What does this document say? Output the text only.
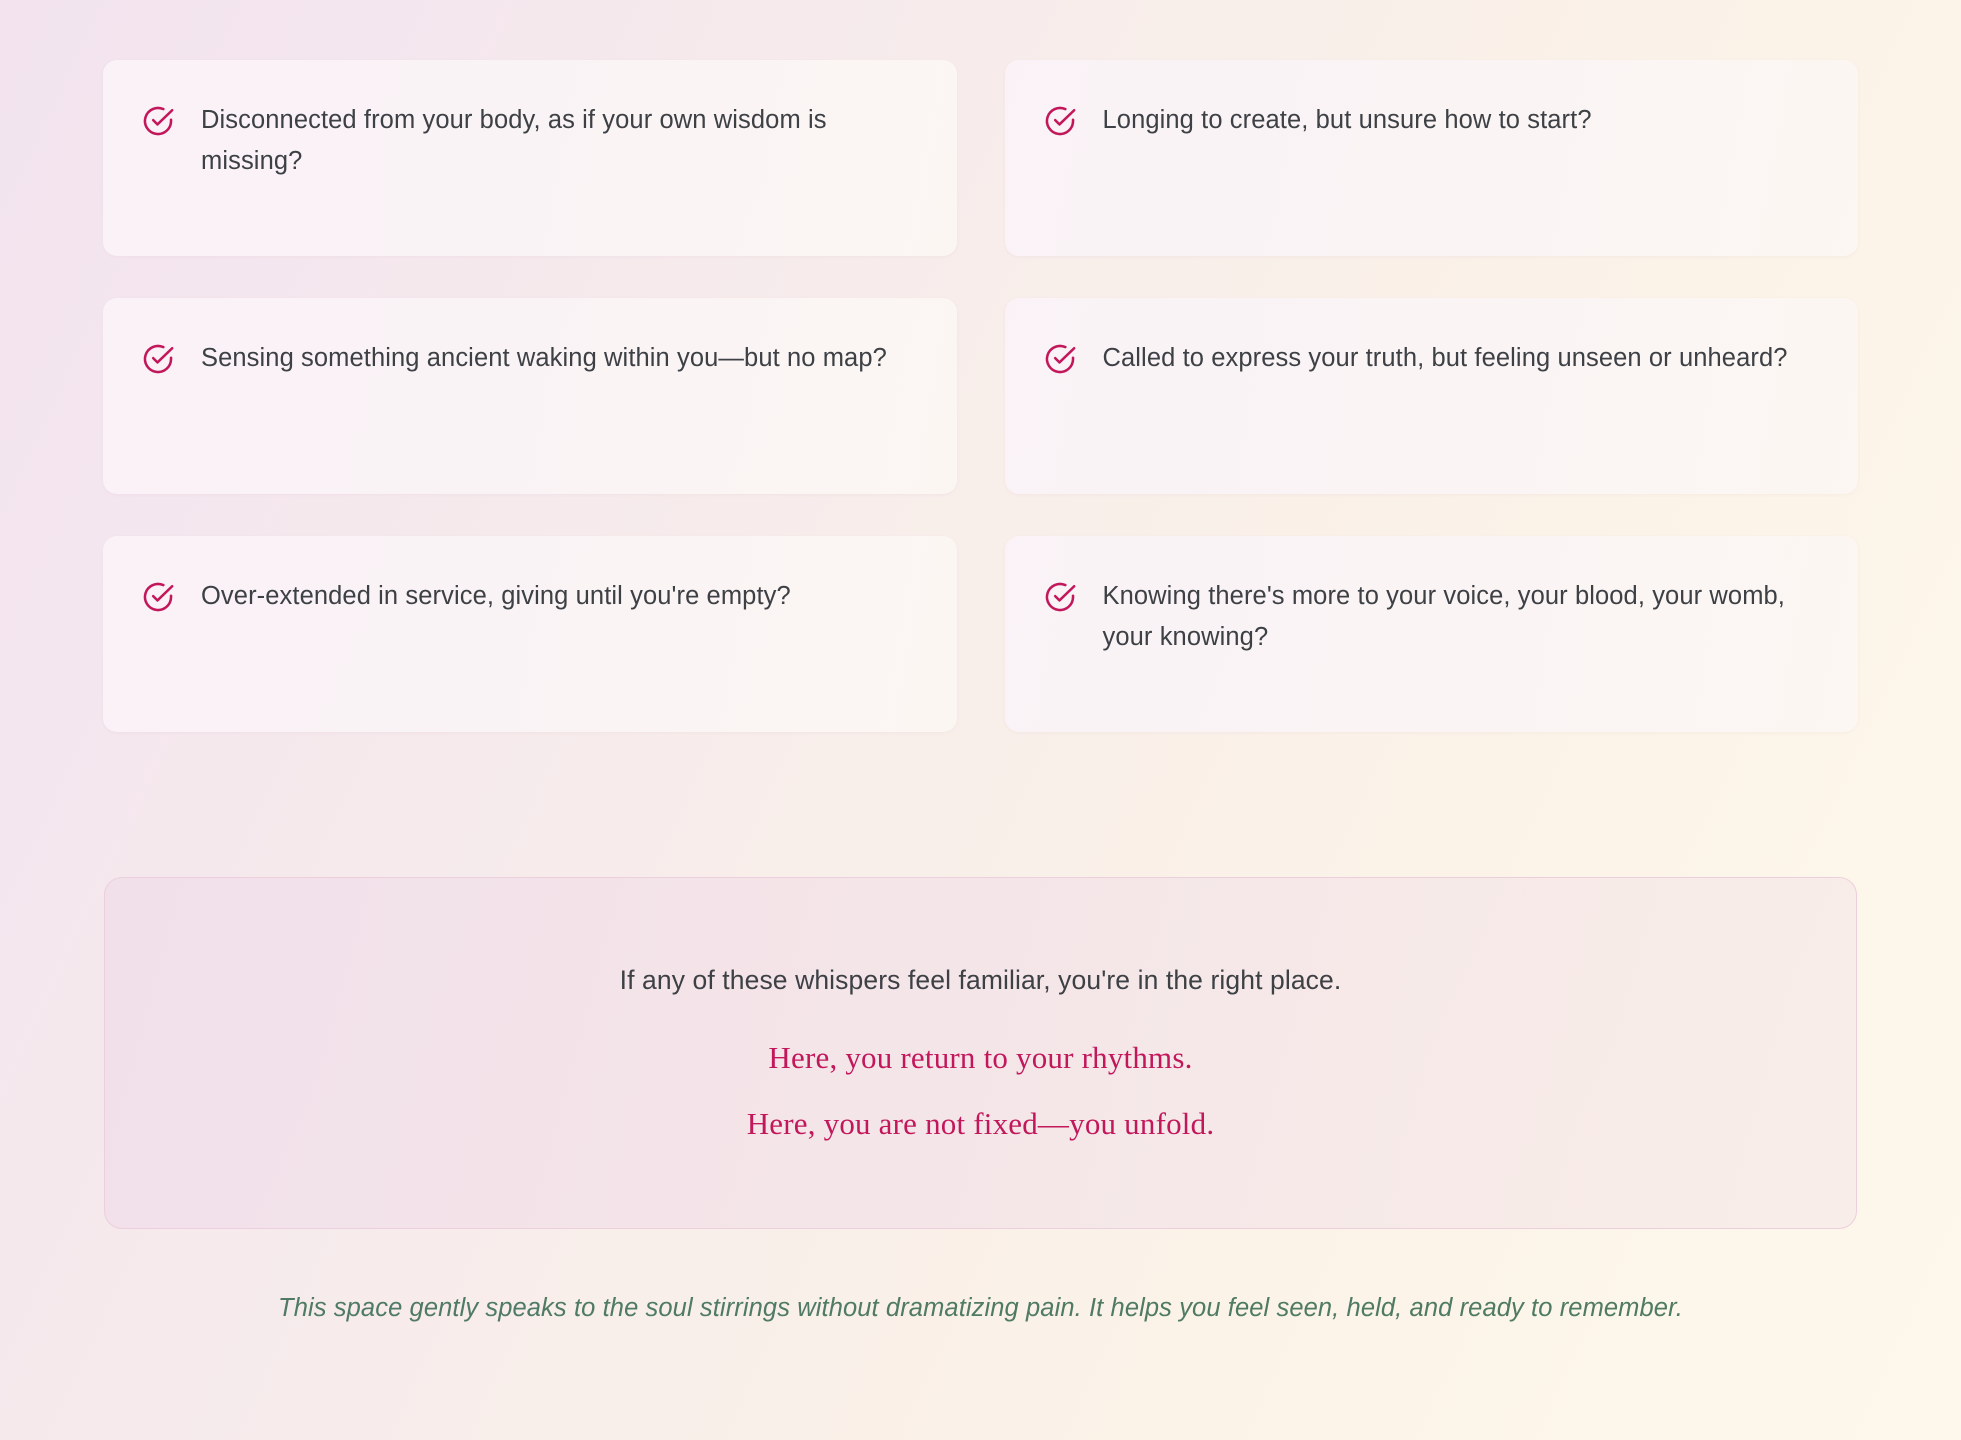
Disconnected from your body, as if your own wisdom is missing?
Longing to create, but unsure how to start?
Sensing something ancient waking within you—but no map?	Called to express your truth, but feeling unseen or unheard?
Over-extended in service, giving until you're empty?	Knowing there's more to your voice, your blood, your womb, your knowing?
If any of these whispers feel familiar, you're in the right place.
Here, you return to your rhythms.
Here, you are not fixed—you unfold.
This space gently speaks to the soul stirrings without dramatizing pain. It helps you feel seen, held, and ready to remember.
